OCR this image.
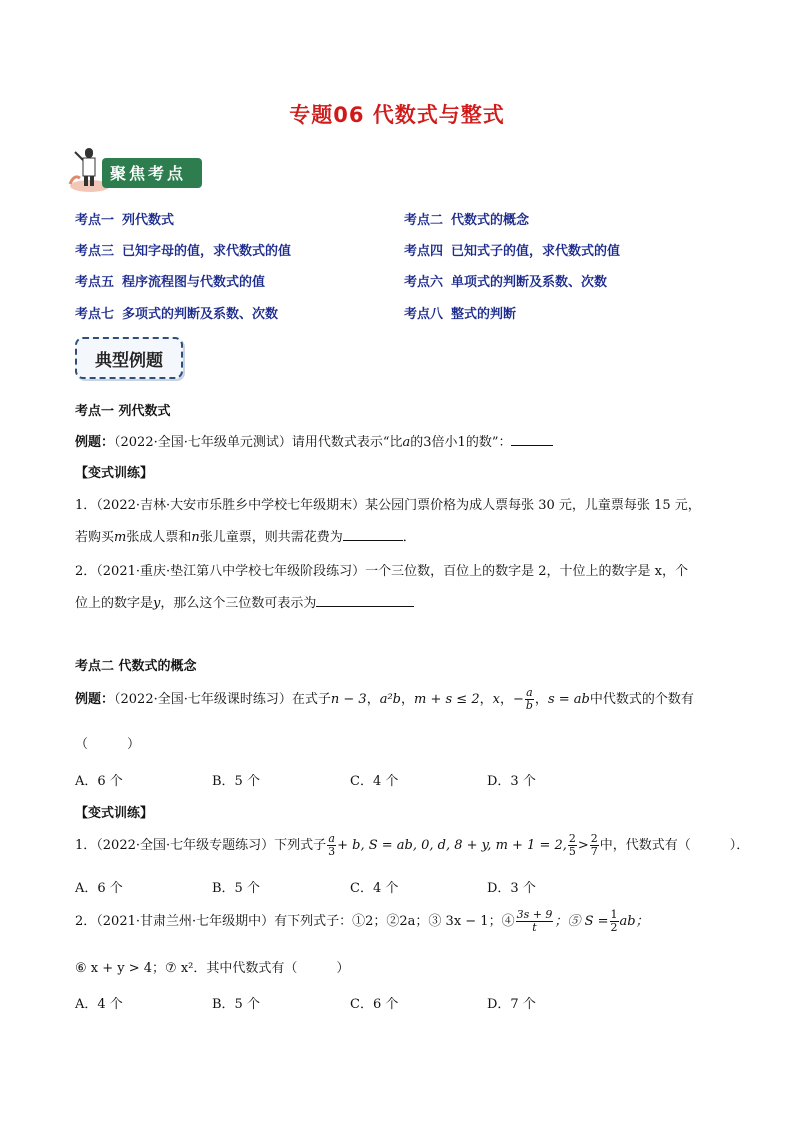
专题06 代数式与整式
聚焦考点
考点一 列代数式	考点二 代数式的概念
考点三 已知字母的值，求代数式的值	考点四 已知式子的值，求代数式的值
考点五 程序流程图与代数式的值	考点六 单项式的判断及系数、次数
考点七 多项式的判断及系数、次数	考点八 整式的判断
典型例题
考点一 列代数式
例题：（2022·全国·七年级单元测试）请用代数式表示“比a的3倍小1的数”：
【变式训练】
1．（2022·吉林·大安市乐胜乡中学校七年级期末）某公园门票价格为成人票每张 30 元，儿童票每张 15 元，
若购买m张成人票和n张儿童票，则共需花费为	．
2．（2021·重庆·垫江第八中学校七年级阶段练习）一个三位数，百位上的数字是 2，十位上的数字是 x，个
位上的数字是y，那么这个三位数可表示为
考点二 代数式的概念
例题：（2022·全国·七年级课时练习）在式子n − 3，a²b，m + s ≤ 2，x，− $\frac{a}{b}$ ，s = ab中代数式的个数有
（　　　）
A．6 个	B．5 个	C．4 个	D．3 个
【变式训练】
1．（2022·全国·七年级专题练习）下列式子 $\frac{a}{3} + b$, S = ab, 0, d, 8 + y, m + 1 = 2, $\frac{2}{5} > \frac{2}{7}$ 中，代数式有（　　　）．
A．6 个	B．5 个	C．4 个	D．3 个
2．（2021·甘肃兰州·七年级期中）有下列式子：①2；②2a；③ 3x − 1；④ $\frac{3s + 9}{t}$ ；⑤ $S = \frac{1}{2}$ ab；
⑥ x + y > 4；⑦ x²．其中代数式有（　　　）
A．4 个	B．5 个	C．6 个	D．7 个
